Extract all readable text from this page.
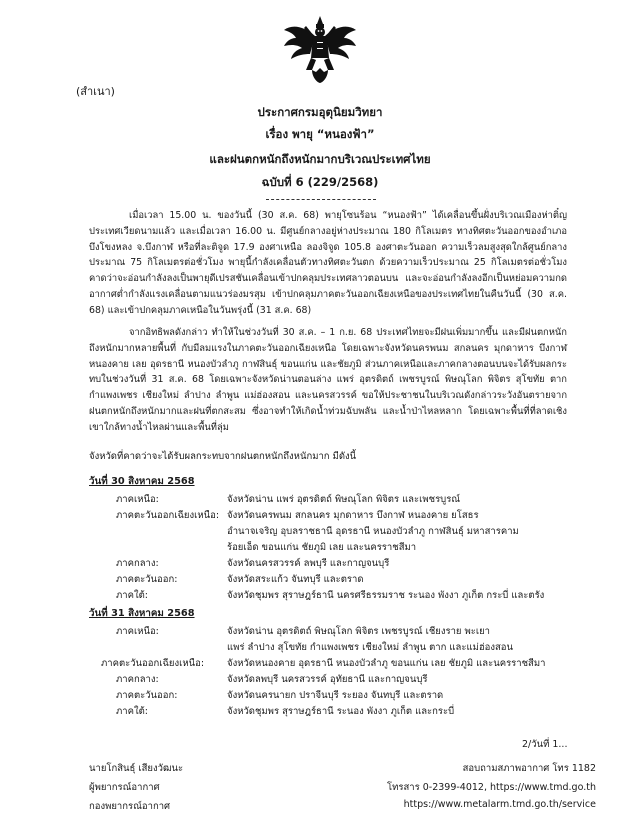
(สำเนา)
ประกาศกรมอุตุนิยมวิทยา
เรื่อง พายุ “หนองฟ้า”
และฝนตกหนักถึงหนักมากบริเวณประเทศไทย
ฉบับที่ 6 (229/2568)

เมื่อเวลา 15.00 น. ของวันนี้ (30 ส.ค. 68) พายุโซนร้อน “หนองฟ้า” ได้เคลื่อนขึ้นฝั่งบริเวณเมืองห่าติ๋ญ ประเทศเวียดนามแล้ว และเมื่อเวลา 16.00 น. มีศูนย์กลางอยู่ห่างประมาณ 180 กิโลเมตร ทางทิศตะวันออกของอำเภอบึงโขงหลง จ.บึงกาฬ หรือที่ละติจูด 17.9 องศาเหนือ ลองจิจูด 105.8 องศาตะวันออก ความเร็วลมสูงสุดใกล้ศูนย์กลางประมาณ 75 กิโลเมตรต่อชั่วโมง พายุนี้กำลังเคลื่อนตัวทางทิศตะวันตก ด้วยความเร็วประมาณ 25 กิโลเมตรต่อชั่วโมง คาดว่าจะอ่อนกำลังลงเป็นพายุดีเปรสชันเคลื่อนเข้าปกคลุมประเทศลาวตอนบน และจะอ่อนกำลังลงอีกเป็นหย่อมความกดอากาศต่ำกำลังแรงเคลื่อนตามแนวร่องมรสุม เข้าปกคลุมภาคตะวันออกเฉียงเหนือของประเทศไทยในคืนวันนี้ (30 ส.ค. 68) และเข้าปกคลุมภาคเหนือในวันพรุ่งนี้ (31 ส.ค. 68)

จากอิทธิพลดังกล่าว ทำให้ในช่วงวันที่ 30 ส.ค. – 1 ก.ย. 68 ประเทศไทยจะมีฝนเพิ่มมากขึ้น และมีฝนตกหนักถึงหนักมากหลายพื้นที่ กับมีลมแรงในภาคตะวันออกเฉียงเหนือ โดยเฉพาะจังหวัดนครพนม สกลนคร มุกดาหาร บึงกาฬ หนองคาย เลย อุดรธานี หนองบัวลำภู กาฬสินธุ์ ขอนแก่น และชัยภูมิ ส่วนภาคเหนือและภาคกลางตอนบนจะได้รับผลกระทบในช่วงวันที่ 31 ส.ค. 68 โดยเฉพาะจังหวัดน่านตอนล่าง แพร่ อุตรดิตถ์ เพชรบูรณ์ พิษณุโลก พิจิตร สุโขทัย ตาก กำแพงเพชร เชียงใหม่ ลำปาง ลำพูน แม่ฮ่องสอน และนครสวรรค์ ขอให้ประชาชนในบริเวณดังกล่าวระวังอันตรายจากฝนตกหนักถึงหนักมากและฝนที่ตกสะสม ซึ่งอาจทำให้เกิดน้ำท่วมฉับพลัน และน้ำป่าไหลหลาก โดยเฉพาะพื้นที่ที่ลาดเชิงเขาใกล้ทางน้ำไหลผ่านและพื้นที่ลุ่ม

จังหวัดที่คาดว่าจะได้รับผลกระทบจากฝนตกหนักถึงหนักมาก มีดังนี้
วันที่ 30 สิงหาคม 2568
ภาคเหนือ:	จังหวัดน่าน แพร่ อุตรดิตถ์ พิษณุโลก พิจิตร และเพชรบูรณ์
ภาคตะวันออกเฉียงเหนือ: จังหวัดนครพนม สกลนคร มุกดาหาร บึงกาฬ หนองคาย ยโสธร
อำนาจเจริญ อุบลราชธานี อุดรธานี หนองบัวลำภู กาฬสินธุ์ มหาสารคาม
ร้อยเอ็ด ขอนแก่น ชัยภูมิ เลย และนครราชสีมา
ภาคกลาง:	จังหวัดนครสวรรค์ ลพบุรี และกาญจนบุรี
ภาคตะวันออก:	จังหวัดสระแก้ว จันทบุรี และตราด
ภาคใต้:	จังหวัดชุมพร สุราษฎร์ธานี นครศรีธรรมราช ระนอง พังงา ภูเก็ต กระบี่ และตรัง
วันที่ 31 สิงหาคม 2568
ภาคเหนือ:	จังหวัดน่าน อุตรดิตถ์ พิษณุโลก พิจิตร เพชรบูรณ์ เชียงราย พะเยา
แพร่ ลำปาง สุโขทัย กำแพงเพชร เชียงใหม่ ลำพูน ตาก และแม่ฮ่องสอน
ภาคตะวันออกเฉียงเหนือ: จังหวัดหนองคาย อุดรธานี หนองบัวลำภู ขอนแก่น เลย ชัยภูมิ และนครราชสีมา
ภาคกลาง:	จังหวัดลพบุรี นครสวรรค์ อุทัยธานี และกาญจนบุรี
ภาคตะวันออก:	จังหวัดนครนายก ปราจีนบุรี ระยอง จันทบุรี และตราด
ภาคใต้:	จังหวัดชุมพร สุราษฎร์ธานี ระนอง พังงา ภูเก็ต และกระบี่
2/วันที่ 1...
นายโกสินธุ์ เสียงวัฒนะ
ผู้พยากรณ์อากาศ
กองพยากรณ์อากาศ
สอบถามสภาพอากาศ โทร 1182
โทรสาร 0-2399-4012, https://www.tmd.go.th
https://www.metalarm.tmd.go.th/service
